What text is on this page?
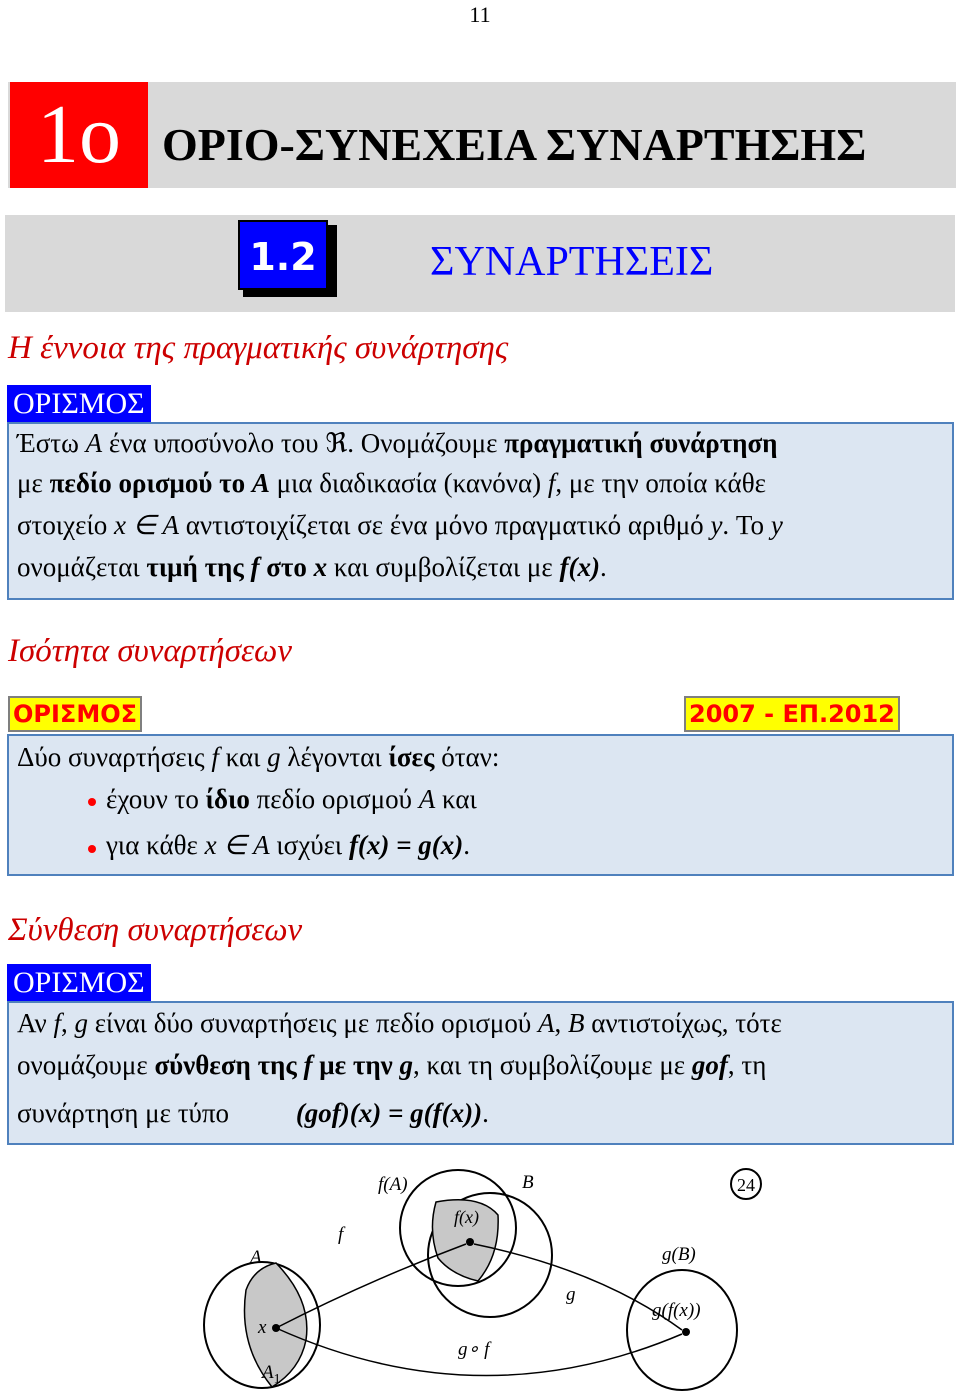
11
1ο ΟΡΙΟ-ΣΥΝΕΧΕΙΑ ΣΥΝΑΡΤΗΣΗΣ
1.2	ΣΥΝΑΡΤΗΣΕΙΣ
Η έννοια της πραγματικής συνάρτησης
ΟΡΙΣΜΟΣ
Έστω A ένα υποσύνολο του ℜ. Ονομάζουμε πραγματική συνάρτηση
με πεδίο ορισμού το A μια διαδικασία (κανόνα) f, με την οποία κάθε
στοιχείο x ∈ A αντιστοιχίζεται σε ένα μόνο πραγματικό αριθμό y. Το y
ονομάζεται τιμή της f στο x και συμβολίζεται με f(x).
Ισότητα συναρτήσεων
ΟΡΙΣΜΟΣ	2007 - ΕΠ.2012
Δύο συναρτήσεις f και g λέγονται ίσες όταν:
έχουν το ίδιο πεδίο ορισμού A και
για κάθε x ∈ A ισχύει f(x) = g(x).
Σύνθεση συναρτήσεων
ΟΡΙΣΜΟΣ
Αν f, g είναι δύο συναρτήσεις με πεδίο ορισμού A, B αντιστοίχως, τότε
ονομάζουμε σύνθεση της f με την g, και τη συμβολίζουμε με gof, τη
συνάρτηση με τύπο (gof)(x) = g(f(x)).
f(A)	B
f(x)
f
A	g(B)
g
x
g(f(x))
g∘ f
$A_1$
24
